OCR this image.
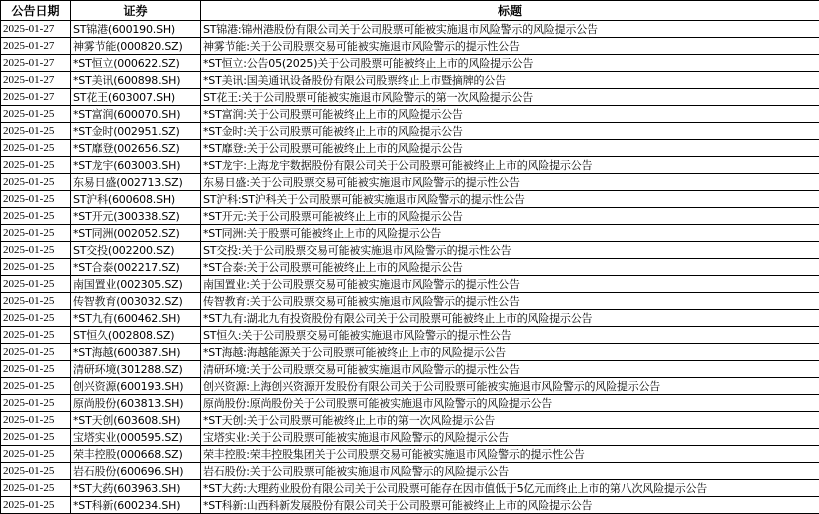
公告日期	证券	标题
2025-01-27	ST锦港(600190.SH)	ST锦港:锦州港股份有限公司关于公司股票可能被实施退市风险警示的风险提示公告
2025-01-27	神雾节能(000820.SZ)	神雾节能:关于公司股票交易可能被实施退市风险警示的提示性公告
2025-01-27	*ST恒立(000622.SZ)	*ST恒立:公告05(2025)关于公司股票可能被终止上市的风险提示公告
2025-01-27	*ST美讯(600898.SH)	*ST美讯:国美通讯设备股份有限公司股票终止上市暨摘牌的公告
2025-01-27	ST花王(603007.SH)	ST花王:关于公司股票可能被实施退市风险警示的第一次风险提示公告
2025-01-25	*ST富润(600070.SH)	*ST富润:关于公司股票可能被终止上市的风险提示公告
2025-01-25	*ST金时(002951.SZ)	*ST金时:关于公司股票可能被终止上市的风险提示公告
2025-01-25	*ST靡登(002656.SZ)	*ST靡登:关于公司股票可能被终止上市的风险提示公告
2025-01-25	*ST龙宇(603003.SH)	*ST龙宇:上海龙宇数据股份有限公司关于公司股票可能被终止上市的风险提示公告
2025-01-25	东易日盛(002713.SZ)	东易日盛:关于公司股票交易可能被实施退市风险警示的提示性公告
2025-01-25	ST沪科(600608.SH)	ST沪科:ST沪科关于公司股票可能被实施退市风险警示的提示性公告
2025-01-25	*ST开元(300338.SZ)	*ST开元:关于公司股票可能被终止上市的风险提示公告
2025-01-25	*ST同洲(002052.SZ)	*ST同洲:关于股票可能被终止上市的风险提示公告
2025-01-25	ST交投(002200.SZ)	ST交投:关于公司股票交易可能被实施退市风险警示的提示性公告
2025-01-25	*ST合泰(002217.SZ)	*ST合泰:关于公司股票可能被终止上市的风险提示公告
2025-01-25	南国置业(002305.SZ)	南国置业:关于公司股票交易可能被实施退市风险警示的提示性公告
2025-01-25	传智教育(003032.SZ)	传智教育:关于公司股票交易可能被实施退市风险警示的提示性公告
2025-01-25	*ST九有(600462.SH)	*ST九有:湖北九有投资股份有限公司关于公司股票可能被终止上市的风险提示公告
2025-01-25	ST恒久(002808.SZ)	ST恒久:关于公司股票交易可能被实施退市风险警示的提示性公告
2025-01-25	*ST海越(600387.SH)	*ST海越:海越能源关于公司股票可能被终止上市的风险提示公告
2025-01-25	清研环境(301288.SZ)	清研环境:关于公司股票交易可能被实施退市风险警示的提示性公告
2025-01-25	创兴资源(600193.SH)	创兴资源:上海创兴资源开发股份有限公司关于公司股票可能被实施退市风险警示的风险提示公告
2025-01-25	原尚股份(603813.SH)	原尚股份:原尚股份关于公司股票可能被实施退市风险警示的风险提示公告
2025-01-25	*ST天创(603608.SH)	*ST天创:关于公司股票可能被终止上市的第一次风险提示公告
2025-01-25	宝塔实业(000595.SZ)	宝塔实业:关于公司股票可能被实施退市风险警示的风险提示公告
2025-01-25	荣丰控股(000668.SZ)	荣丰控股:荣丰控股集团关于公司股票交易可能被实施退市风险警示的提示性公告
2025-01-25	岩石股份(600696.SH)	岩石股份:关于公司股票可能被实施退市风险警示的风险提示公告
2025-01-25	*ST大药(603963.SH)	*ST大药:大理药业股份有限公司关于公司股票可能存在因市值低于5亿元而终止上市的第八次风险提示公告
2025-01-25	*ST科新(600234.SH)	*ST科新:山西科新发展股份有限公司关于公司股票可能被终止上市的风险提示公告
